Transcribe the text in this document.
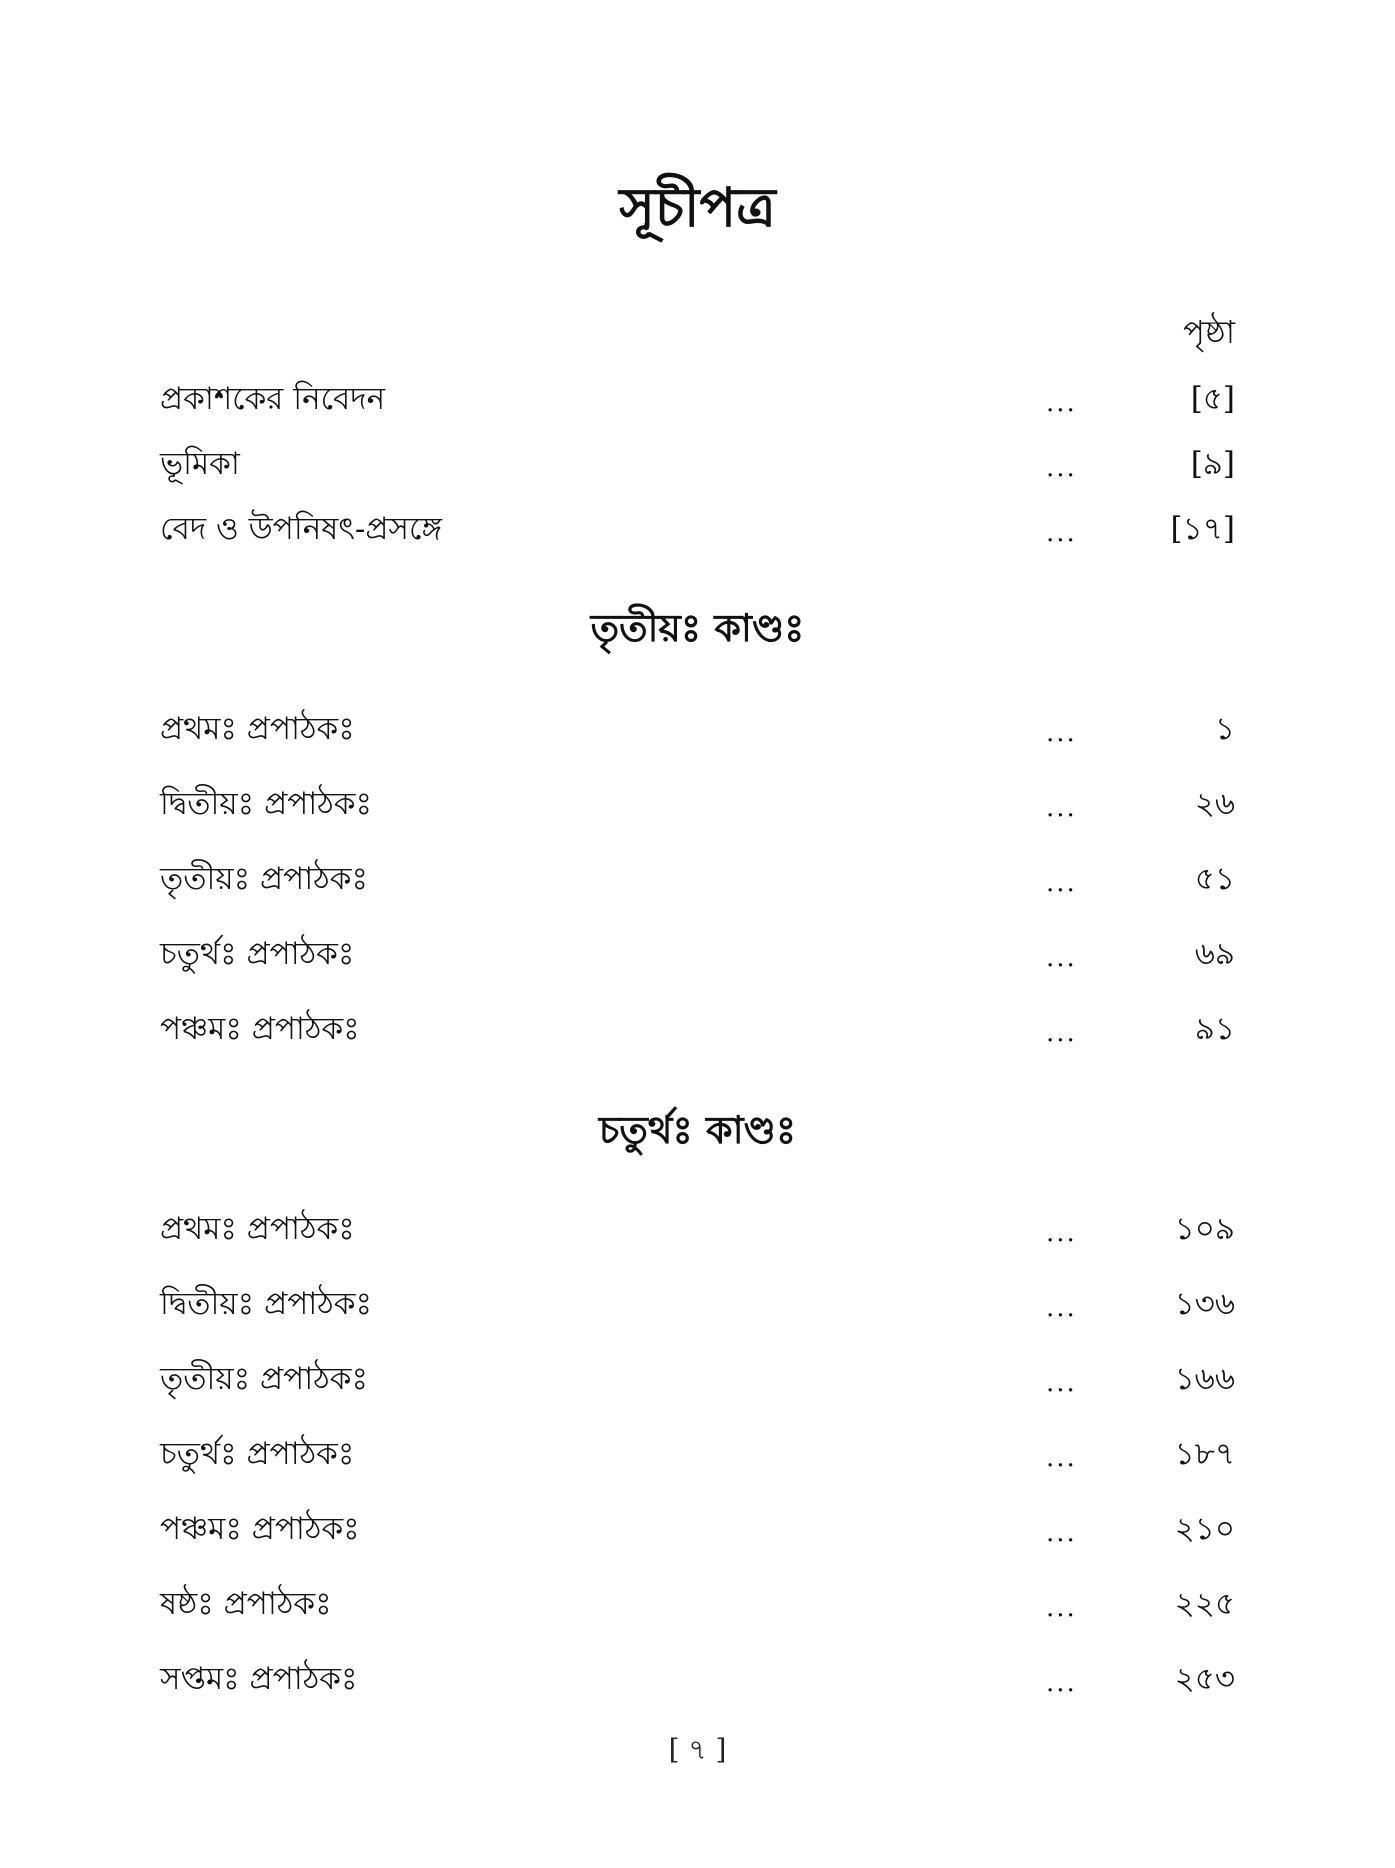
সূচীপত্র
পৃষ্ঠা
প্রকাশকের নিবেদন	...	[৫]
ভূমিকা	...	[৯]
বেদ ও উপনিষৎ-প্রসঙ্গে	...	[১৭]
তৃতীয়ঃ কাণ্ডঃ
প্রথমঃ প্রপাঠকঃ	...	১
দ্বিতীয়ঃ প্রপাঠকঃ	...	২৬
তৃতীয়ঃ প্রপাঠকঃ	...	৫১
চতুর্থঃ প্রপাঠকঃ	...	৬৯
পঞ্চমঃ প্রপাঠকঃ	...	৯১
চতুর্থঃ কাণ্ডঃ
প্রথমঃ প্রপাঠকঃ	...	১০৯
দ্বিতীয়ঃ প্রপাঠকঃ	...	১৩৬
তৃতীয়ঃ প্রপাঠকঃ	...	১৬৬
চতুর্থঃ প্রপাঠকঃ	...	১৮৭
পঞ্চমঃ প্রপাঠকঃ	...	২১০
ষষ্ঠঃ প্রপাঠকঃ	...	২২৫
সপ্তমঃ প্রপাঠকঃ	...	২৫৩
[ ৭ ]
